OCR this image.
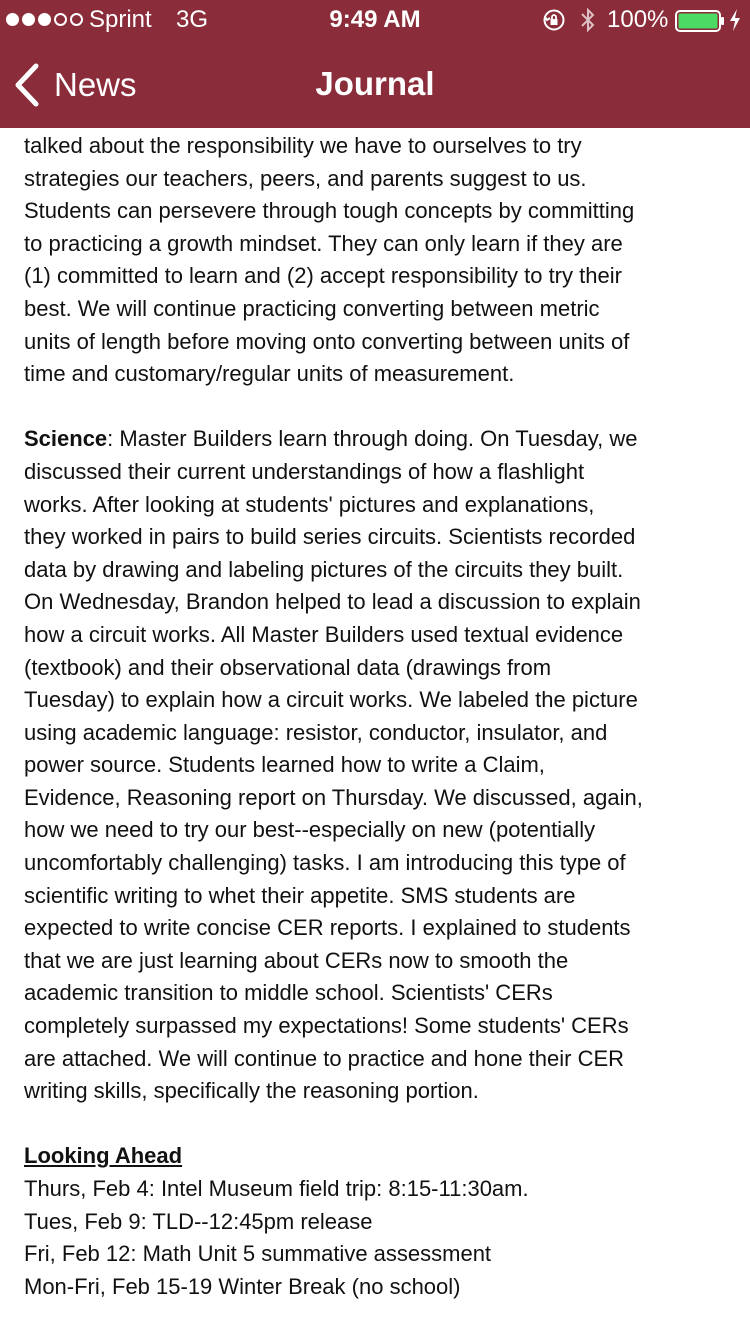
Sprint 3G	9:49 AM	100%
News	Journal
talked about the responsibility we have to ourselves to try
strategies our teachers, peers, and parents suggest to us.
Students can persevere through tough concepts by committing
to practicing a growth mindset. They can only learn if they are
(1) committed to learn and (2) accept responsibility to try their
best. We will continue practicing converting between metric
units of length before moving onto converting between units of
time and customary/regular units of measurement.
Science: Master Builders learn through doing. On Tuesday, we
discussed their current understandings of how a flashlight
works. After looking at students' pictures and explanations,
they worked in pairs to build series circuits. Scientists recorded
data by drawing and labeling pictures of the circuits they built.
On Wednesday, Brandon helped to lead a discussion to explain
how a circuit works. All Master Builders used textual evidence
(textbook) and their observational data (drawings from
Tuesday) to explain how a circuit works. We labeled the picture
using academic language: resistor, conductor, insulator, and
power source. Students learned how to write a Claim,
Evidence, Reasoning report on Thursday. We discussed, again,
how we need to try our best--especially on new (potentially
uncomfortably challenging) tasks. I am introducing this type of
scientific writing to whet their appetite. SMS students are
expected to write concise CER reports. I explained to students
that we are just learning about CERs now to smooth the
academic transition to middle school. Scientists' CERs
completely surpassed my expectations! Some students' CERs
are attached. We will continue to practice and hone their CER
writing skills, specifically the reasoning portion.
Looking Ahead
Thurs, Feb 4: Intel Museum field trip: 8:15-11:30am.
Tues, Feb 9: TLD--12:45pm release
Fri, Feb 12: Math Unit 5 summative assessment
Mon-Fri, Feb 15-19 Winter Break (no school)
